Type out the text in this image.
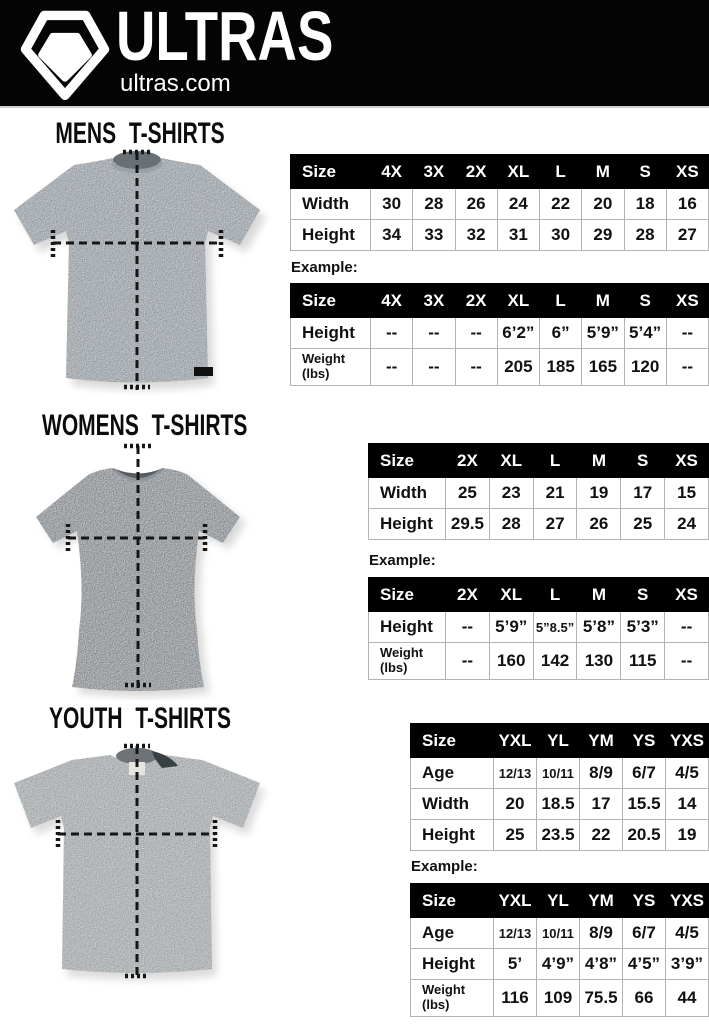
ULTRAS
ultras.com
MENS T-SHIRTS
WOMENS T-SHIRTS
YOUTH T-SHIRTS
Size	4X	3X	2X	XL	L	M	S	XS
Width	30	28	26	24	22	20	18	16
Height	34	33	32	31	30	29	28	27
Example:
Size	4X	3X	2X	XL	L	M	S	XS
Height	--	--	--	6’2”	6”	5’9”	5’4”	--
Weight (lbs)	--	--	--	205	185	165	120	--
Size	2X	XL	L	M	S	XS
Width	25	23	21	19	17	15
Height	29.5	28	27	26	25	24
Example:
Size	2X	XL	L	M	S	XS
Height	--	5’9”	5”8.5”	5’8”	5’3”	--
Weight (lbs)	--	160	142	130	115	--
Size	YXL	YL	YM	YS	YXS
Age	12/13	10/11	8/9	6/7	4/5
Width	20	18.5	17	15.5	14
Height	25	23.5	22	20.5	19
Example:
Size	YXL	YL	YM	YS	YXS
Age	12/13	10/11	8/9	6/7	4/5
Height	5’	4’9”	4’8”	4’5”	3’9”
Weight (lbs)	116	109	75.5	66	44
